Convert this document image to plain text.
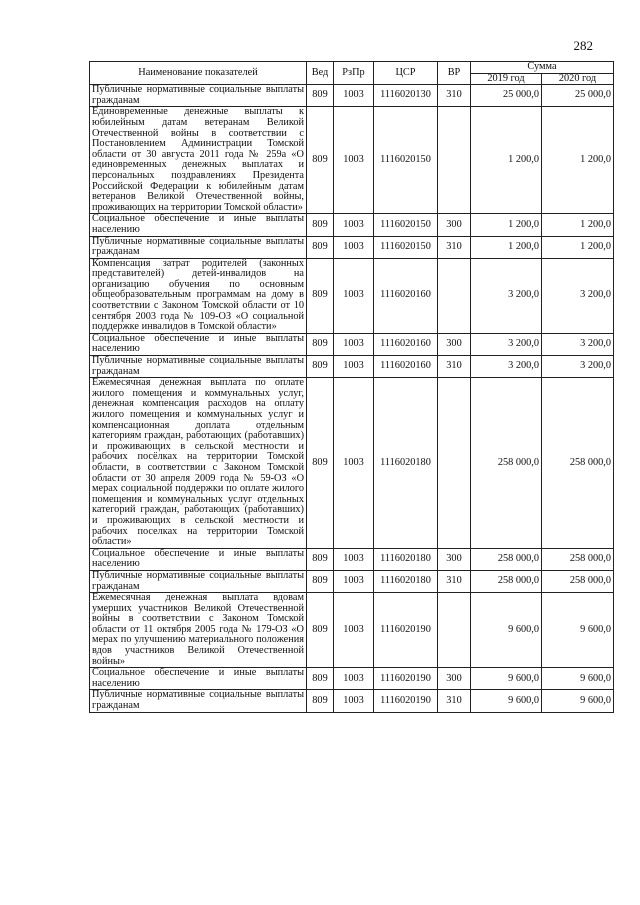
282
Наименование показателей	Вед	РзПр	ЦСР	ВР	Сумма	
					2019 год	2020 год
Публичные нормативные социальные выплаты гражданам	809	1003	1116020130	310	25 000,0	25 000,0
Единовременные денежные выплаты к юбилейным датам ветеранам Великой Отечественной войны в соответствии с Постановлением Администрации Томской области от 30 августа 2011 года № 259а «О единовременных денежных выплатах и персональных поздравлениях Президента Российской Федерации к юбилейным датам ветеранов Великой Отечественной войны, проживающих на территории Томской области»	809	1003	1116020150		1 200,0	1 200,0
Социальное обеспечение и иные выплаты населению	809	1003	1116020150	300	1 200,0	1 200,0
Публичные нормативные социальные выплаты гражданам	809	1003	1116020150	310	1 200,0	1 200,0
Компенсация затрат родителей (законных представителей) детей-инвалидов на организацию обучения по основным общеобразовательным программам на дому в соответствии с Законом Томской области от 10 сентября 2003 года № 109-ОЗ «О социальной поддержке инвалидов в Томской области»	809	1003	1116020160		3 200,0	3 200,0
Социальное обеспечение и иные выплаты населению	809	1003	1116020160	300	3 200,0	3 200,0
Публичные нормативные социальные выплаты гражданам	809	1003	1116020160	310	3 200,0	3 200,0
Ежемесячная денежная выплата по оплате жилого помещения и коммунальных услуг, денежная компенсация расходов на оплату жилого помещения и коммунальных услуг и компенсационная доплата отдельным категориям граждан, работающих (работавших) и проживающих в сельской местности и рабочих посёлках на территории Томской области, в соответствии с Законом Томской области от 30 апреля 2009 года № 59-ОЗ «О мерах социальной поддержки по оплате жилого помещения и коммунальных услуг отдельных категорий граждан, работающих (работавших) и проживающих в сельской местности и рабочих поселках на территории Томской области»	809	1003	1116020180		258 000,0	258 000,0
Социальное обеспечение и иные выплаты населению	809	1003	1116020180	300	258 000,0	258 000,0
Публичные нормативные социальные выплаты гражданам	809	1003	1116020180	310	258 000,0	258 000,0
Ежемесячная денежная выплата вдовам умерших участников Великой Отечественной войны в соответствии с Законом Томской области от 11 октября 2005 года № 179-ОЗ «О мерах по улучшению материального положения вдов участников Великой Отечественной войны»	809	1003	1116020190		9 600,0	9 600,0
Социальное обеспечение и иные выплаты населению	809	1003	1116020190	300	9 600,0	9 600,0
Публичные нормативные социальные выплаты гражданам	809	1003	1116020190	310	9 600,0	9 600,0
